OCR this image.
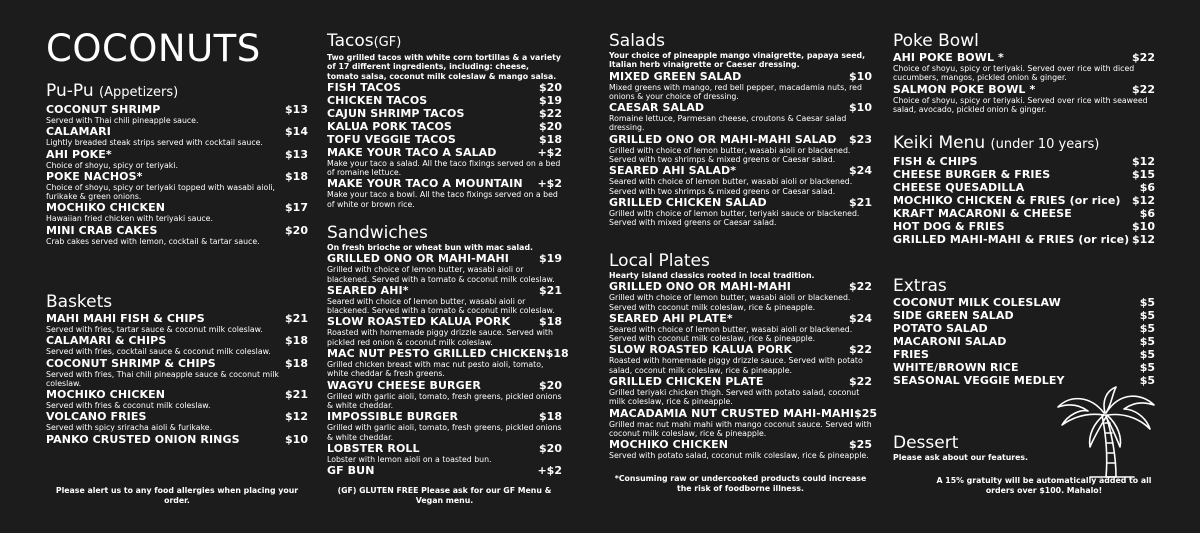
COCONUTS
Pu-Pu (Appetizers)
COCONUT SHRIMP	$13
Served with Thai chili pineapple sauce.
CALAMARI	$14
Lightly breaded steak strips served with cocktail sauce.
AHI POKE*	$13
Choice of shoyu, spicy or teriyaki.
POKE NACHOS*	$18
Choice of shoyu, spicy or teriyaki topped with wasabi aioli, furikake & green onions.
MOCHIKO CHICKEN	$17
Hawaiian fried chicken with teriyaki sauce.
MINI CRAB CAKES	$20
Crab cakes served with lemon, cocktail & tartar sauce.
Baskets
MAHI MAHI FISH & CHIPS	$21
Served with fries, tartar sauce & coconut milk coleslaw.
CALAMARI & CHIPS	$18
Served with fries, cocktail sauce & coconut milk coleslaw.
COCONUT SHRIMP & CHIPS	$18
Served with fries, Thai chili pineapple sauce & coconut milk coleslaw.
MOCHIKO CHICKEN	$21
Served with fries & coconut milk coleslaw.
VOLCANO FRIES	$12
Served with spicy sriracha aioli & furikake.
PANKO CRUSTED ONION RINGS	$10
Please alert us to any food allergies when placing your order.
Tacos(GF)
Two grilled tacos with white corn tortillas & a variety of 17 different ingredients, including: cheese, tomato salsa, coconut milk coleslaw & mango salsa.
FISH TACOS	$20
CHICKEN TACOS	$19
CAJUN SHRIMP TACOS	$22
KALUA PORK TACOS	$20
TOFU VEGGIE TACOS	$18
MAKE YOUR TACO A SALAD	+$2
Make your taco a salad. All the taco fixings served on a bed of romaine lettuce.
MAKE YOUR TACO A MOUNTAIN +$2
Make your taco a bowl. All the taco fixings served on a bed of white or brown rice.
Sandwiches
On fresh brioche or wheat bun with mac salad.
GRILLED ONO OR MAHI-MAHI	$19
Grilled with choice of lemon butter, wasabi aioli or blackened. Served with a tomato & coconut milk coleslaw.
SEARED AHI*	$21
Seared with choice of lemon butter, wasabi aioli or blackened. Served with a tomato & coconut milk coleslaw.
SLOW ROASTED KALUA PORK	$18
Roasted with homemade piggy drizzle sauce. Served with pickled red onion & coconut milk coleslaw.
MAC NUT PESTO GRILLED CHICKEN $18
Grilled chicken breast with mac nut pesto aioli, tomato, white cheddar & fresh greens.
WAGYU CHEESE BURGER	$20
Grilled with garlic aioli, tomato, fresh greens, pickled onions & white cheddar.
IMPOSSIBLE BURGER	$18
Grilled with garlic aioli, tomato, fresh greens, pickled onions & white cheddar.
LOBSTER ROLL	$20
Lobster with lemon aioli on a toasted bun.
GF BUN	+$2
(GF) GLUTEN FREE Please ask for our GF Menu & Vegan menu.
Salads
Your choice of pineapple mango vinaigrette, papaya seed, Italian herb vinaigrette or Caeser dressing.
MIXED GREEN SALAD	$10
Mixed greens with mango, red bell pepper, macadamia nuts, red onions & your choice of dressing.
CAESAR SALAD	$10
Romaine lettuce, Parmesan cheese, croutons & Caesar salad dressing.
GRILLED ONO OR MAHI-MAHI SALAD $23
Grilled with choice of lemon butter, wasabi aioli or blackened. Served with two shrimps & mixed greens or Caesar salad.
SEARED AHI SALAD*	$24
Seared with choice of lemon butter, wasabi aioli or blackened. Served with two shrimps & mixed greens or Caesar salad.
GRILLED CHICKEN SALAD	$21
Grilled with choice of lemon butter, teriyaki sauce or blackened. Served with mixed greens or Caesar salad.
Local Plates
Hearty island classics rooted in local tradition.
GRILLED ONO OR MAHI-MAHI	$22
Grilled with choice of lemon butter, wasabi aioli or blackened. Served with coconut milk coleslaw, rice & pineapple.
SEARED AHI PLATE*	$24
Seared with choice of lemon butter, wasabi aioli or blackened. Served with coconut milk coleslaw, rice & pineapple.
SLOW ROASTED KALUA PORK	$22
Roasted with homemade piggy drizzle sauce. Served with potato salad, coconut milk coleslaw, rice & pineapple.
GRILLED CHICKEN PLATE	$22
Grilled teriyaki chicken thigh. Served with potato salad, coconut milk coleslaw, rice & pineapple.
MACADAMIA NUT CRUSTED MAHI-MAHI $25
Grilled mac nut mahi mahi with mango coconut sauce. Served with coconut milk coleslaw, rice & pineapple.
MOCHIKO CHICKEN	$25
Served with potato salad, coconut milk coleslaw, rice & pineapple.
*Consuming raw or undercooked products could increase the risk of foodborne illness.
Poke Bowl
AHI POKE BOWL *	$22
Choice of shoyu, spicy or teriyaki. Served over rice with diced cucumbers, mangos, pickled onion & ginger.
SALMON POKE BOWL *	$22
Choice of shoyu, spicy or teriyaki. Served over rice with seaweed salad, avocado, pickled onion & ginger.
Keiki Menu (under 10 years)
FISH & CHIPS	$12
CHEESE BURGER & FRIES	$15
CHEESE QUESADILLA	$6
MOCHIKO CHICKEN & FRIES (or rice) $12
KRAFT MACARONI & CHEESE	$6
HOT DOG & FRIES	$10
GRILLED MAHI-MAHI & FRIES (or rice) $12
Extras
COCONUT MILK COLESLAW	$5
SIDE GREEN SALAD	$5
POTATO SALAD	$5
MACARONI SALAD	$5
FRIES	$5
WHITE/BROWN RICE	$5
SEASONAL VEGGIE MEDLEY	$5
Dessert
Please ask about our features.
A 15% gratuity will be automatically added to all orders over $100. Mahalo!
